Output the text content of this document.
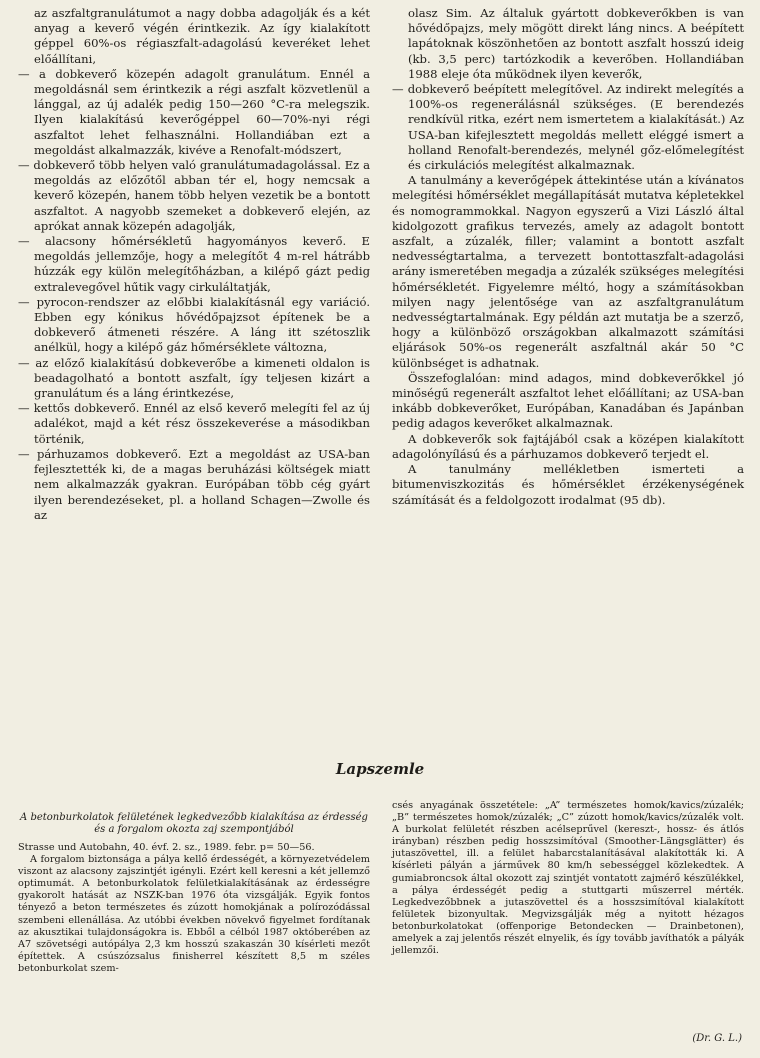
az aszfaltgranulátumot a nagy dobba adagolják és a két anyag a keverő végén érintkezik. Az így kialakított géppel 60%-os régiaszfalt-adagolású keveréket lehet előállítani,

— a dobkeverő közepén adagolt granulátum. Ennél a megoldásnál sem érintkezik a régi aszfalt közvetlenül a lánggal, az új adalék pedig 150—260 °C-ra melegszik. Ilyen kialakítású keverőgéppel 60—70%-nyi régi aszfaltot lehet felhasználni. Hollandiában ezt a megoldást alkalmazzák, kivéve a Renofalt-módszert,

— dobkeverő több helyen való granulátumadagolással. Ez a megoldás az előzőtől abban tér el, hogy nemcsak a keverő közepén, hanem több helyen vezetik be a bontott aszfaltot. A nagyobb szemeket a dobkeverő elején, az aprókat annak közepén adagolják,

— alacsony hőmérsékletű hagyományos keverő. E megoldás jellemzője, hogy a melegítőt 4 m-rel hátrább húzzák egy külön melegítőházban, a kilépő gázt pedig extralevegővel hűtik vagy cirkuláltatják,

— pyrocon-rendszer az előbbi kialakításnál egy variáció. Ebben egy kónikus hővédőpajzsot építenek be a dobkeverő átmeneti részére. A láng itt szétoszlik anélkül, hogy a kilépő gáz hőmérséklete változna,

— az előző kialakítású dobkeverőbe a kimeneti oldalon is beadagolható a bontott aszfalt, így teljesen kizárt a granulátum és a láng érintkezése,

— kettős dobkeverő. Ennél az első keverő melegíti fel az új adalékot, majd a két rész összekeverése a másodikban történik,

— párhuzamos dobkeverő. Ezt a megoldást az USA-ban fejlesztették ki, de a magas beruházási költségek miatt nem alkalmazzák gyakran. Európában több cég gyárt ilyen berendezéseket, pl. a holland Schagen—Zwolle és az

olasz Sim. Az általuk gyártott dobkeverőkben is van hővédőpajzs, mely mögött direkt láng nincs. A beépített lapátoknak köszönhetően az bontott aszfalt hosszú ideig (kb. 3,5 perc) tartózkodik a keverőben. Hollandiában 1988 eleje óta működnek ilyen keverők,

— dobkeverő beépített melegítővel. Az indirekt melegítés a 100%-os regenerálásnál szükséges. (E berendezés rendkívül ritka, ezért nem ismertetem a kialakítását.) Az USA-ban kifejlesztett megoldás mellett eléggé ismert a holland Renofalt-berendezés, melynél gőz-előmelegítést és cirkulációs melegítést alkalmaznak.

A tanulmány a keverőgépek áttekintése után a kívánatos melegítési hőmérséklet megállapítását mutatva képletekkel és nomogrammokkal. Nagyon egyszerű a Vizi László által kidolgozott grafikus tervezés, amely az adagolt bontott aszfalt, a zúzalék, filler; valamint a bontott aszfalt nedvességtartalma, a tervezett bontottaszfalt-adagolási arány ismeretében megadja a zúzalék szükséges melegítési hőmérsékletét. Figyelemre méltó, hogy a számításokban milyen nagy jelentősége van az aszfaltgranulátum nedvességtartalmának. Egy példán azt mutatja be a szerző, hogy a különböző országokban alkalmazott számítási eljárások 50%-os regenerált aszfaltnál akár 50 °C különbséget is adhatnak.

Összefoglalóan: mind adagos, mind dobkeverőkkel jó minőségű regenerált aszfaltot lehet előállítani; az USA-ban inkább dobkeverőket, Európában, Kanadában és Japánban pedig adagos keverőket alkalmaznak.

A dobkeverők sok fajtájából csak a középen kialakított adagolónyílású és a párhuzamos dobkeverő terjedt el.

A tanulmány mellékletben ismerteti a bitumenviszkozitás és hőmérséklet érzékenységének számítását és a feldolgozott irodalmat (95 db).

Lapszemle
A betonburkolatok felületének legkedvezőbb kialakítása az érdesség és a forgalom okozta zaj szempontjából

Strasse und Autobahn, 40. évf. 2. sz., 1989. febr. p= 50—56.

A forgalom biztonsága a pálya kellő érdességét, a környezetvédelem viszont az alacsony zajszintjét igényli. Ezért kell keresni a két jellemző optimumát. A betonburkolatok felületkialakításának az érdességre gyakorolt hatását az NSZK-ban 1976 óta vizsgálják. Egyik fontos tényező a beton természetes és zúzott homokjának a polírozódással szembeni ellenállása. Az utóbbi években növekvő figyelmet fordítanak az akusztikai tulajdonságokra is. Ebből a célból 1987 októberében az A7 szövetségi autópálya 2,3 km hosszú szakaszán 30 kísérleti mezőt építettek. A csúszózsalus finisherrel készített 8,5 m széles betonburkolat szem-

csés anyagának összetétele: „A” természetes homok/kavics/zúzalék; „B” természetes homok/zúzalék; „C” zúzott homok/kavics/zúzalék volt. A burkolat felületét részben acélseprűvel (kereszt-, hossz- és átlós irányban) részben pedig hosszsimítóval (Smoother-Längsglätter) és jutaszövettel, ill. a felület habarcstalanításával alakították ki. A kísérleti pályán a járművek 80 km/h sebességgel közlekedtek. A gumiabroncsok által okozott zaj szintjét vontatott zajmérő készülékkel, a pálya érdességét pedig a stuttgarti műszerrel mérték. Legkedvezőbbnek a jutaszövettel és a hosszsimítóval kialakított felületek bizonyultak. Megvizsgálják még a nyitott hézagos betonburkolatokat (offenporige Betondecken — Drainbetonen), amelyek a zaj jelentős részét elnyelik, és így tovább javíthatók a pályák jellemzői.

(Dr. G. L.)
